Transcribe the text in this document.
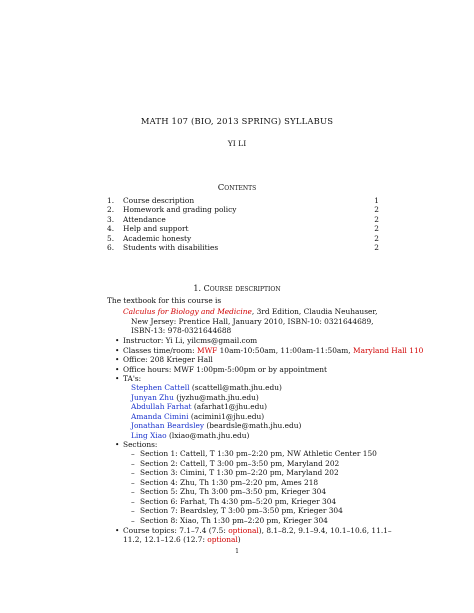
MATH 107 (BIO, 2013 SPRING) SYLLABUS
YI LI
Contents
1. Course description	1
2. Homework and grading policy	2
3. Attendance	2
4. Help and support	2
5. Academic honesty	2
6. Students with disabilities	2
1. Course description
The textbook for this course is
Calculus for Biology and Medicine, 3rd Edition, Claudia Neuhauser,
New Jersey: Prentice Hall, January 2010, ISBN-10: 0321644689,
ISBN-13: 978-0321644688
• Instructor: Yi Li, yilcms@gmail.com
• Classes time/room: MWF 10am-10:50am, 11:00am-11:50am, Maryland Hall 110
• Office: 208 Krieger Hall
• Office hours: MWF 1:00pm-5:00pm or by appointment
• TA's:
Stephen Cattell (scattell@math.jhu.edu)
Junyan Zhu (jyzhu@math.jhu.edu)
Abdullah Farhat (afarhat1@jhu.edu)
Amanda Cimini (acimini1@jhu.edu)
Jonathan Beardsley (beardsle@math.jhu.edu)
Ling Xiao (lxiao@math.jhu.edu)
• Sections:
– Section 1: Cattell, T 1:30 pm–2:20 pm, NW Athletic Center 150
– Section 2: Cattell, T 3:00 pm–3:50 pm, Maryland 202
– Section 3: Cimini, T 1:30 pm–2:20 pm, Maryland 202
– Section 4: Zhu, Th 1:30 pm–2:20 pm, Ames 218
– Section 5: Zhu, Th 3:00 pm–3:50 pm, Krieger 304
– Section 6: Farhat, Th 4:30 pm–5:20 pm, Krieger 304
– Section 7: Beardsley, T 3:00 pm–3:50 pm, Krieger 304
– Section 8: Xiao, Th 1:30 pm–2:20 pm, Krieger 304
• Course topics: 7.1–7.4 (7.5: optional), 8.1–8.2, 9.1–9.4, 10.1–10.6, 11.1–
11.2, 12.1–12.6 (12.7: optional)
1
